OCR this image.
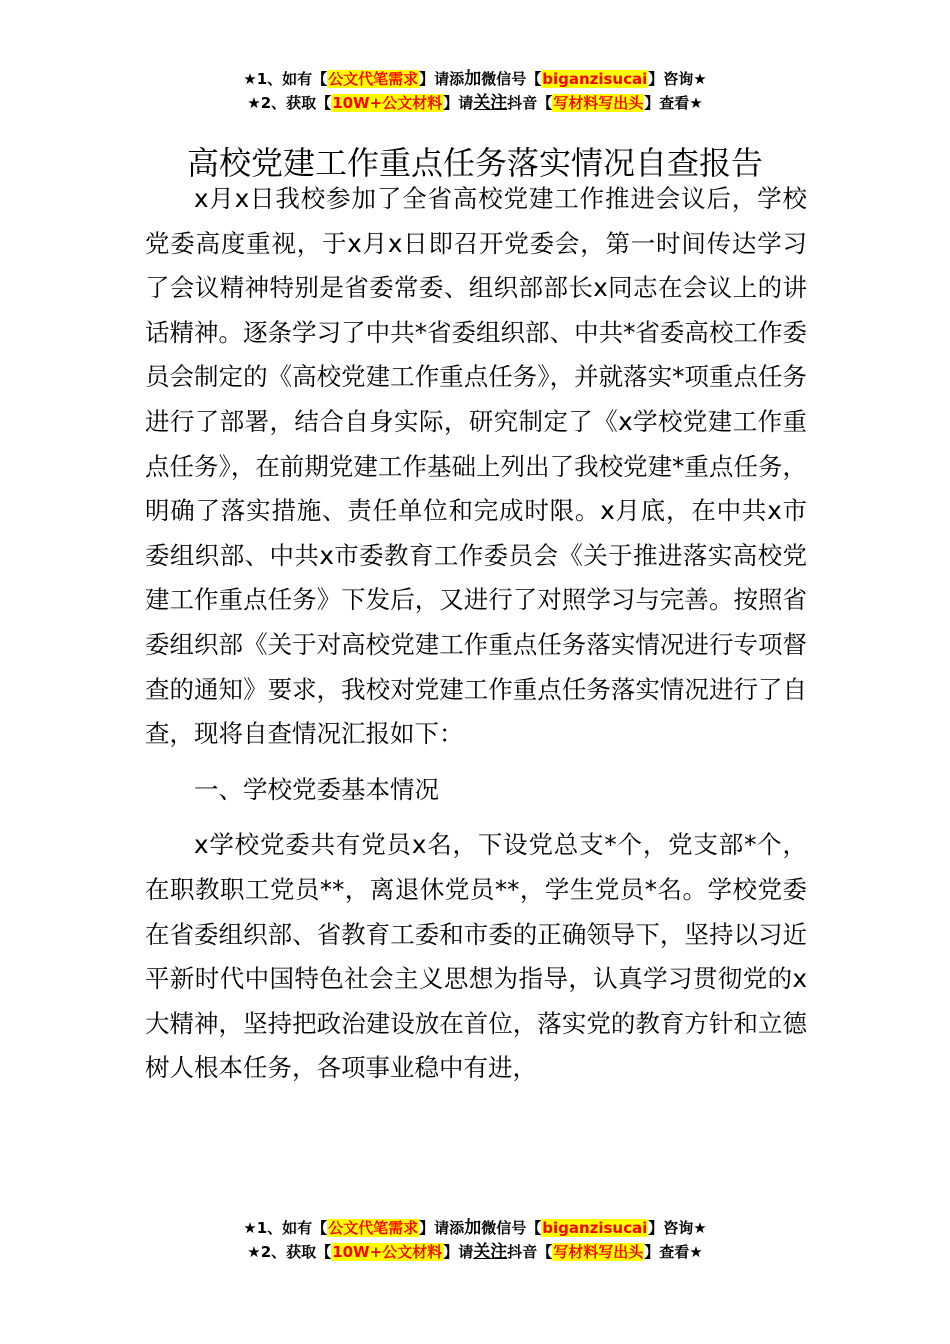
★1、如有【公文代笔需求】请添加微信号【biganzisucai】咨询★
★2、获取【10W+公文材料】请关注抖音【写材料写出头】查看★
高校党建工作重点任务落实情况自查报告

x月x日我校参加了全省高校党建工作推进会议后，学校党委高度重视，于x月x日即召开党委会，第一时间传达学习了会议精神特别是省委常委、组织部部长x同志在会议上的讲话精神。逐条学习了中共*省委组织部、中共*省委高校工作委员会制定的《高校党建工作重点任务》，并就落实*项重点任务进行了部署，结合自身实际，研究制定了《x学校党建工作重点任务》，在前期党建工作基础上列出了我校党建*重点任务，明确了落实措施、责任单位和完成时限。x月底，在中共x市委组织部、中共x市委教育工作委员会《关于推进落实高校党建工作重点任务》下发后，又进行了对照学习与完善。按照省委组织部《关于对高校党建工作重点任务落实情况进行专项督查的通知》要求，我校对党建工作重点任务落实情况进行了自查，现将自查情况汇报如下：

一、学校党委基本情况

x学校党委共有党员x名，下设党总支*个，党支部*个，在职教职工党员**，离退休党员**，学生党员*名。学校党委在省委组织部、省教育工委和市委的正确领导下，坚持以习近平新时代中国特色社会主义思想为指导，认真学习贯彻党的x大精神，坚持把政治建设放在首位，落实党的教育方针和立德树人根本任务，各项事业稳中有进，

★1、如有【公文代笔需求】请添加微信号【biganzisucai】咨询★
★2、获取【10W+公文材料】请关注抖音【写材料写出头】查看★
